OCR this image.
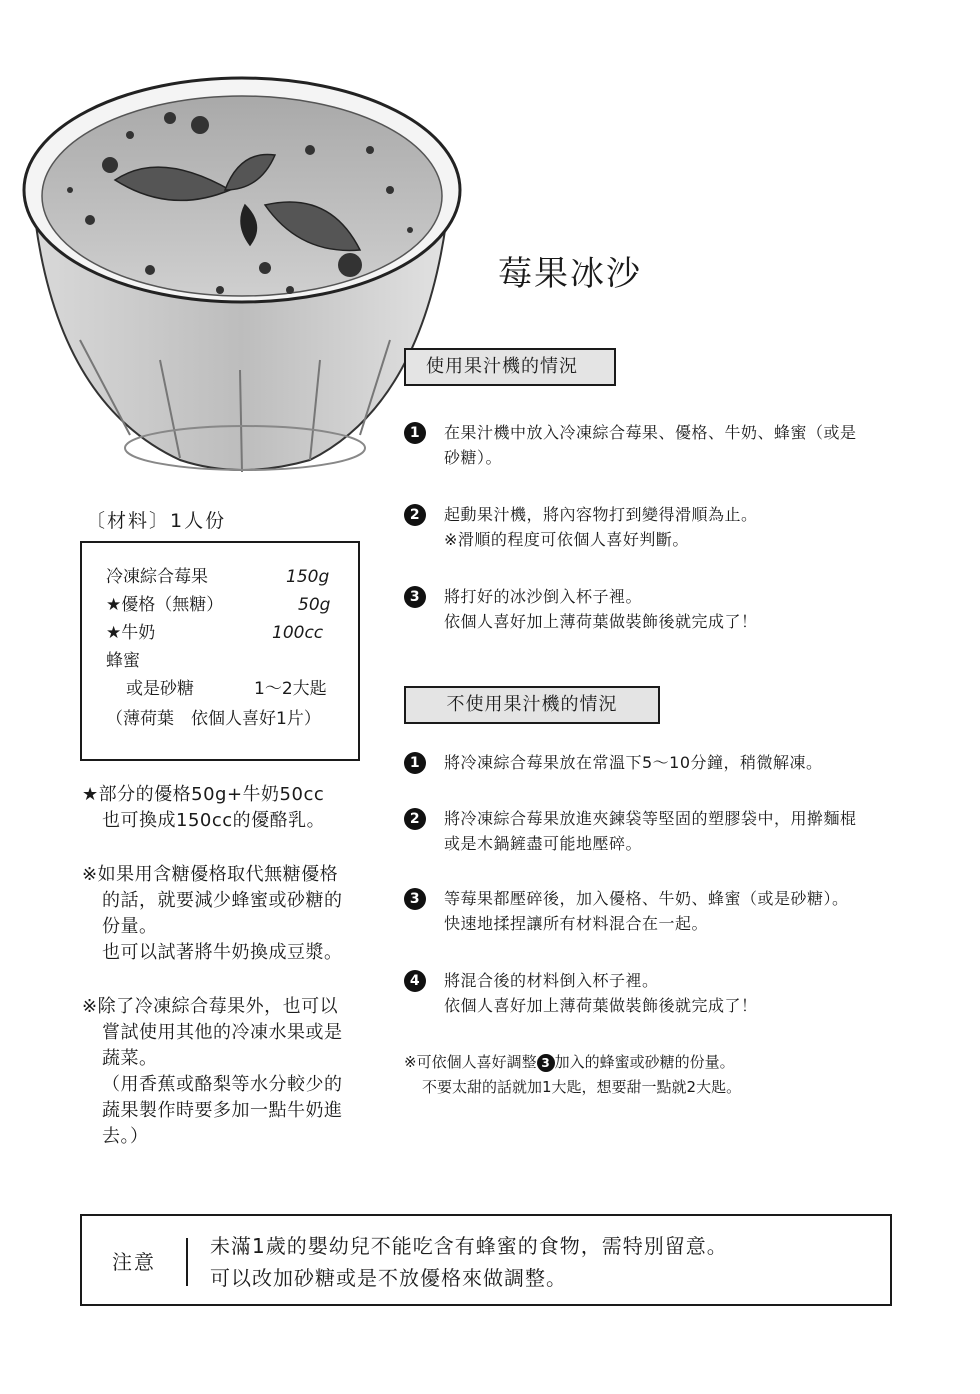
莓果冰沙
使用果汁機的情況
1	在果汁機中放入冷凍綜合莓果、優格、牛奶、蜂蜜（或是
砂糖）。
2	起動果汁機，將內容物打到變得滑順為止。
※滑順的程度可依個人喜好判斷。
3	將打好的冰沙倒入杯子裡。
依個人喜好加上薄荷葉做裝飾後就完成了！
不使用果汁機的情況
1	將冷凍綜合莓果放在常溫下5～10分鐘，稍微解凍。
2	將冷凍綜合莓果放進夾鍊袋等堅固的塑膠袋中，用擀麵棍
或是木鍋鏟盡可能地壓碎。
3	等莓果都壓碎後，加入優格、牛奶、蜂蜜（或是砂糖）。
快速地揉捏讓所有材料混合在一起。
4	將混合後的材料倒入杯子裡。
依個人喜好加上薄荷葉做裝飾後就完成了！
※可依個人喜好調整 3 加入的蜂蜜或砂糖的份量。
不要太甜的話就加1大匙，想要甜一點就2大匙。
〔材料〕1人份
冷凍綜合莓果	150g
★優格（無糖）	50g
★牛奶	100cc
蜂蜜
或是砂糖	1～2大匙
（薄荷葉　依個人喜好1片）
★部分的優格50g+牛奶50cc
也可換成150cc的優酪乳。
※如果用含糖優格取代無糖優格
的話，就要減少蜂蜜或砂糖的
份量。
也可以試著將牛奶換成豆漿。
※除了冷凍綜合莓果外，也可以
嘗試使用其他的冷凍水果或是
蔬菜。
（用香蕉或酪梨等水分較少的
蔬果製作時要多加一點牛奶進
去。）
注意
未滿1歲的嬰幼兒不能吃含有蜂蜜的食物，需特別留意。
可以改加砂糖或是不放優格來做調整。
